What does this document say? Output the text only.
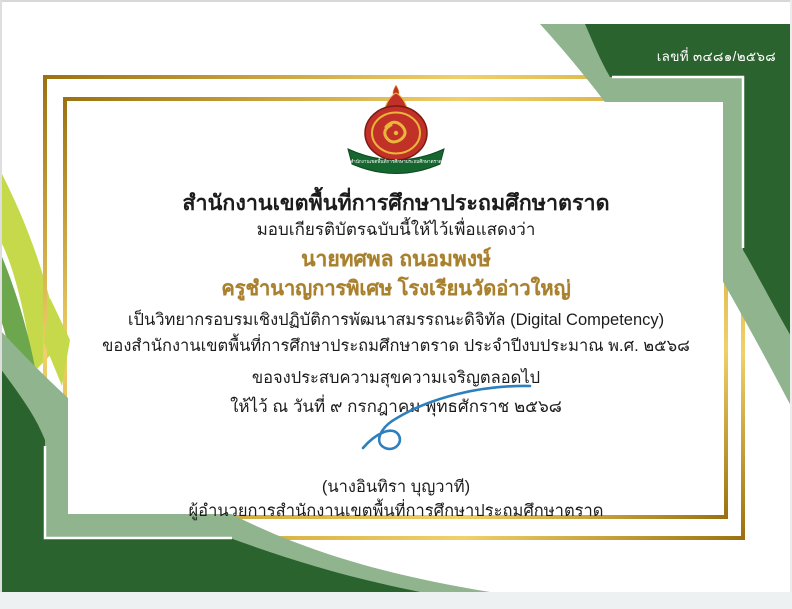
เลขที่ ๓๔๘๑/๒๕๖๘
สำนักงานเขตพื้นที่การศึกษาประถมศึกษาตราด
สำนักงานเขตพื้นที่การศึกษาประถมศึกษาตราด
มอบเกียรติบัตรฉบับนี้ให้ไว้เพื่อแสดงว่า
นายทศพล ถนอมพงษ์
ครูชำนาญการพิเศษ โรงเรียนวัดอ่าวใหญ่
เป็นวิทยากรอบรมเชิงปฏิบัติการพัฒนาสมรรถนะดิจิทัล (Digital Competency)
ของสำนักงานเขตพื้นที่การศึกษาประถมศึกษาตราด ประจำปีงบประมาณ พ.ศ. ๒๕๖๘
ขอจงประสบความสุขความเจริญตลอดไป
ให้ไว้ ณ วันที่ ๙ กรกฎาคม พุทธศักราช ๒๕๖๘
(นางอินทิรา บุญวาที)
ผู้อำนวยการสำนักงานเขตพื้นที่การศึกษาประถมศึกษาตราด
